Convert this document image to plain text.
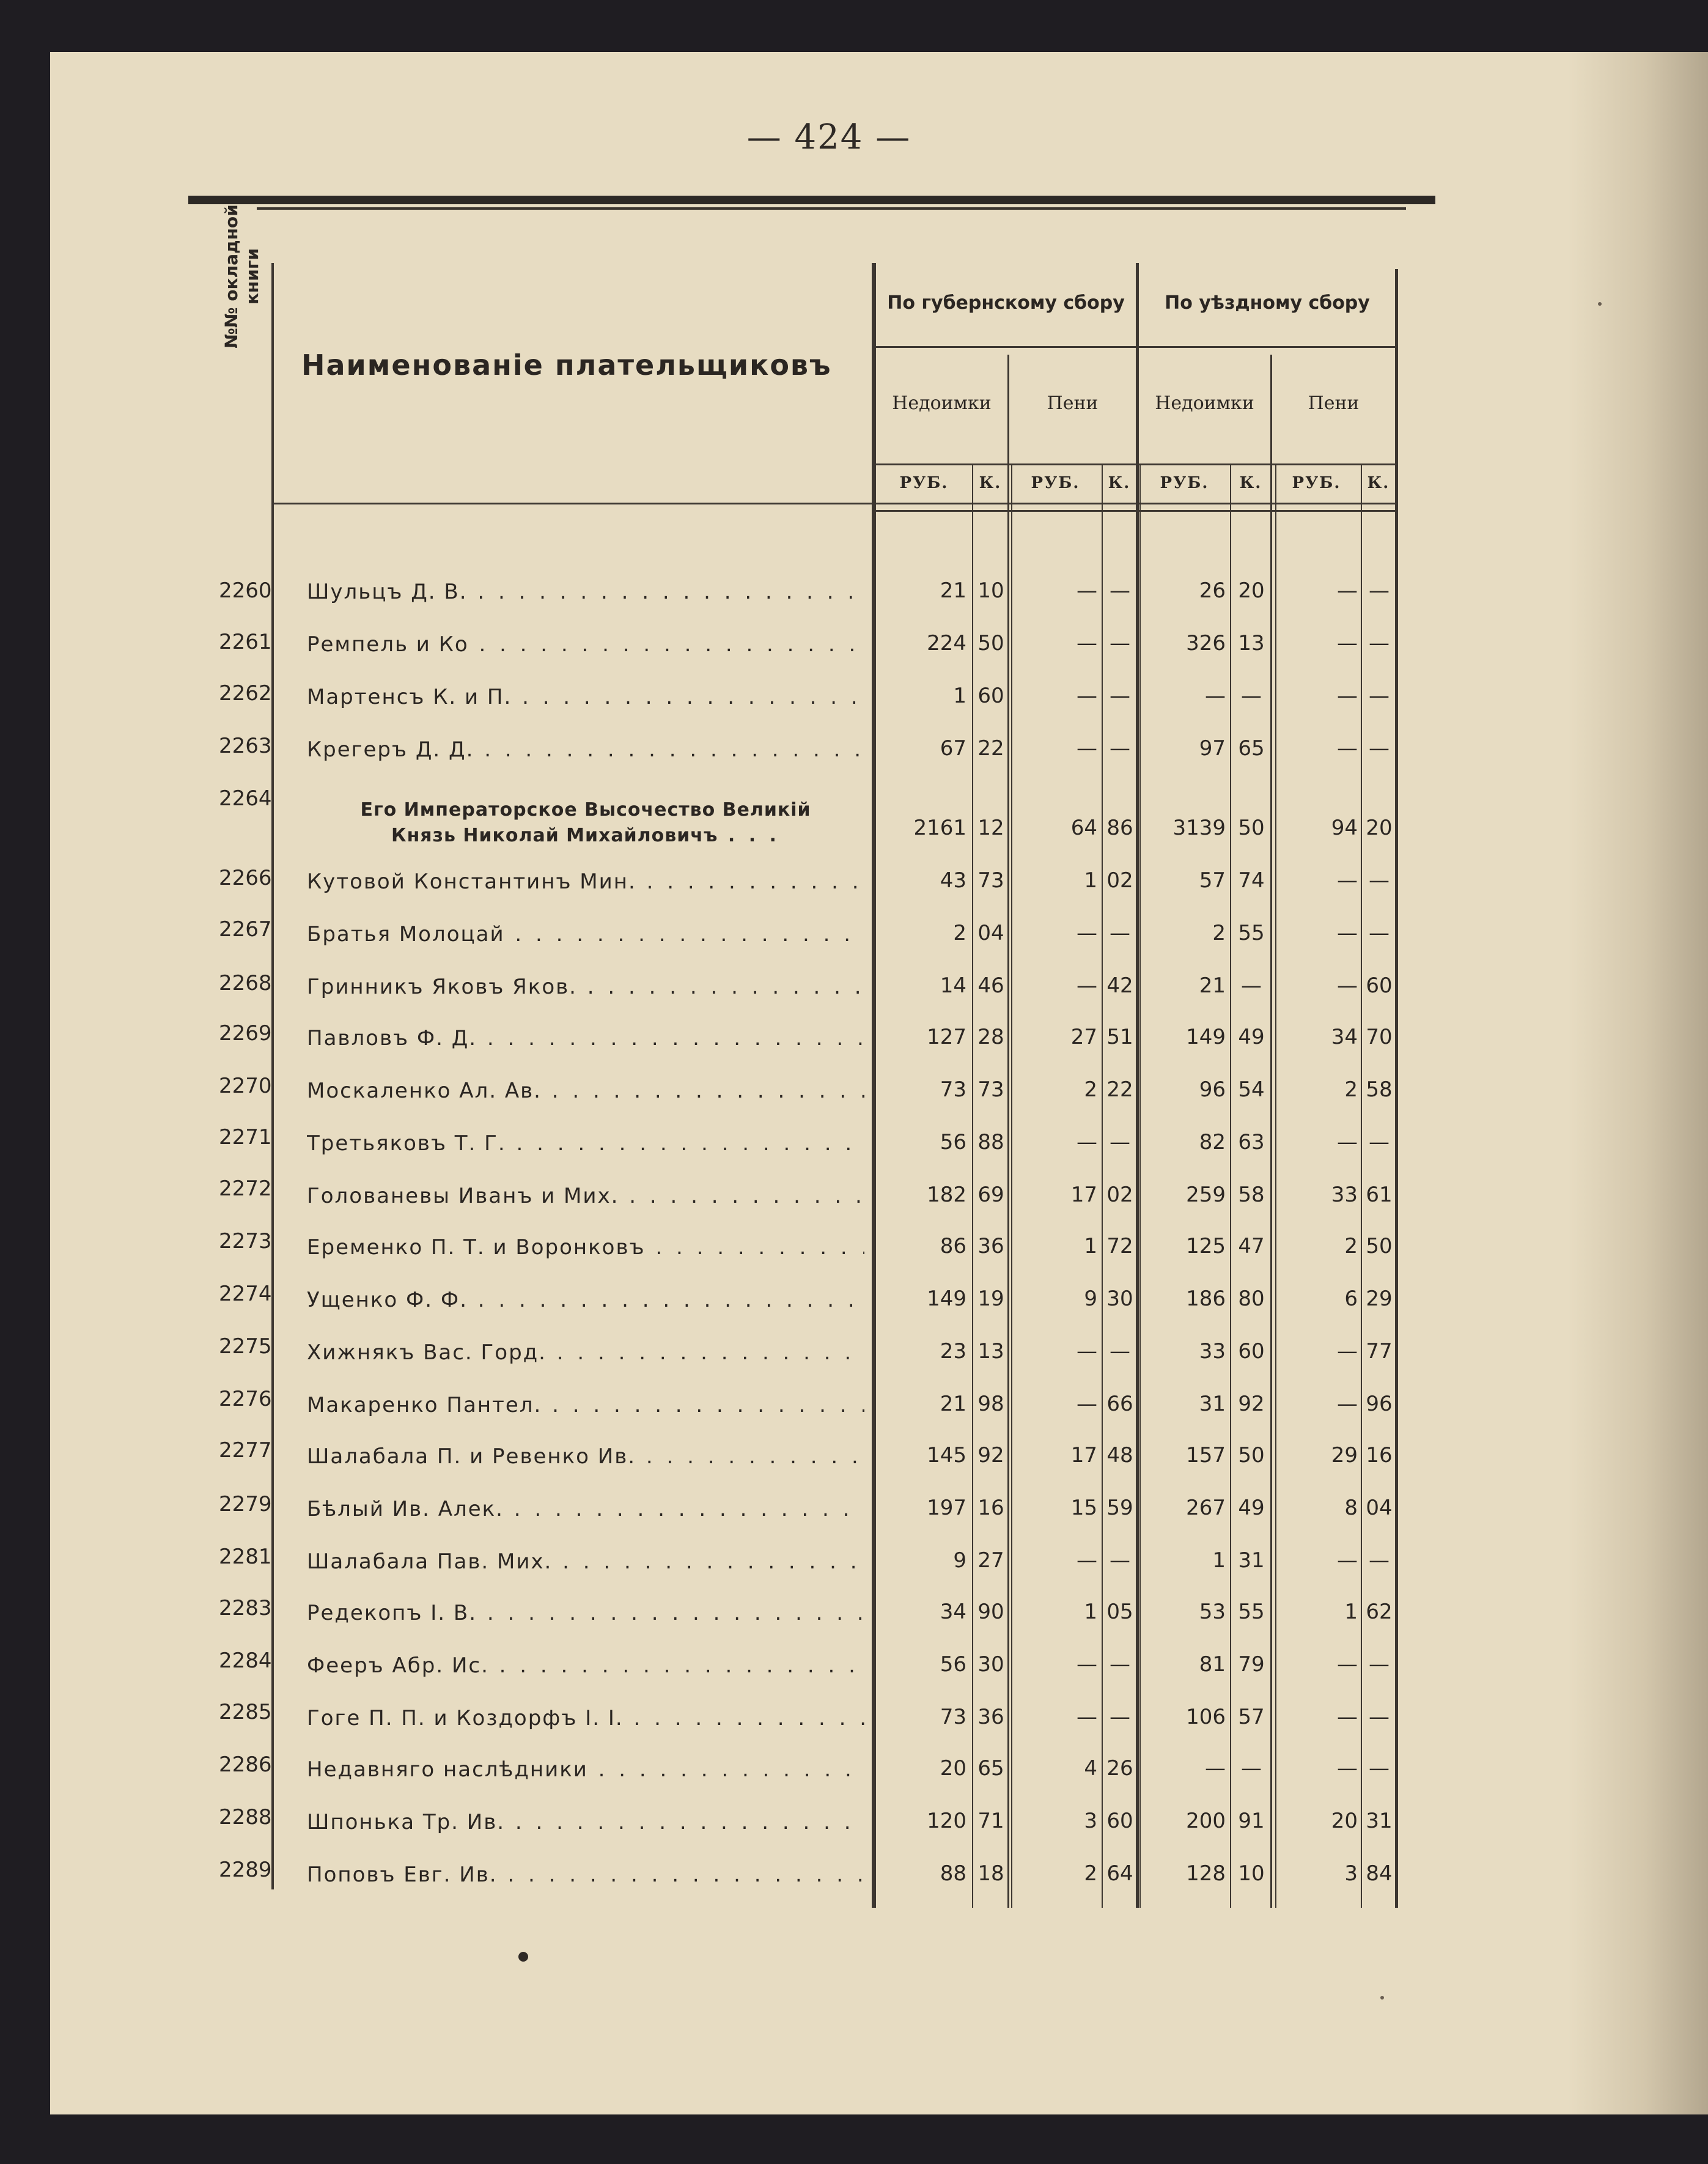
— 424 —
№№ окладной книги
Наименованіе плательщиковъ
По губернскому сбору	По уѣздному сбору
Недоимки	Пени	Недоимки	Пени
РУБ.	К.	РУБ.	К.	РУБ.	К.	РУБ.	К.
2260 Шульцъ Д. В. . . .	21 10	— —	26 20	— —
2261 Ремпель и Ко . . .	224 50	— —	326 13	— —
2262 Мартенсъ К. и П. . . .	1 60	— —	— —	— —
2263 Крегеръ Д. Д. . . .	67 22	— —	97 65	— —
2264	Его Императорское Высочество Великій
Князь Николай Михайловичъ . . .	2161 12	64 86	3139 50	94 20
2266 Кутовой Константинъ Мин. . . .	43 73	1 02	57 74	— —
2267 Братья Молоцай . . .	2 04	— —	2 55	— —
2268 Гринникъ Яковъ Яков. . . .	14 46	— 42	21 —	— 60
2269 Павловъ Ф. Д. . . .	127 28	27 51	149 49	34 70
2270 Москаленко Ал. Ав. . . .	73 73	2 22	96 54	2 58
2271 Третьяковъ Т. Г. . . .	56 88	— —	82 63	— —
2272 Голованевы Иванъ и Мих. . . .	182 69	17 02	259 58	33 61
2273 Еременко П. Т. и Воронковъ . . .	86 36	1 72	125 47	2 50
2274 Ущенко Ф. Ф. . . .	149 19	9 30	186 80	6 29
2275 Хижнякъ Вас. Горд. . . .	23 13	— —	33 60	— 77
2276 Макаренко Пантел. . . .	21 98	— 66	31 92	— 96
2277 Шалабала П. и Ревенко Ив. . . .	145 92	17 48	157 50	29 16
2279 Бѣлый Ив. Алек. . . .	197 16	15 59	267 49	8 04
2281 Шалабала Пав. Мих. . . .	9 27	— —	1 31	— —
2283 Редекопъ І. В. . . .	34 90	1 05	53 55	1 62
2284 Фееръ Абр. Ис. . . .	56 30	— —	81 79	— —
2285 Гоге П. П. и Коздорфъ І. І. . . .	73 36	— —	106 57	— —
2286 Недавняго наслѣдники . . .	20 65	4 26	— —	— —
2288 Шпонька Тр. Ив. . . .	120 71	3 60	200 91	20 31
2289 Поповъ Евг. Ив. . . .	88 18	2 64	128 10	3 84
